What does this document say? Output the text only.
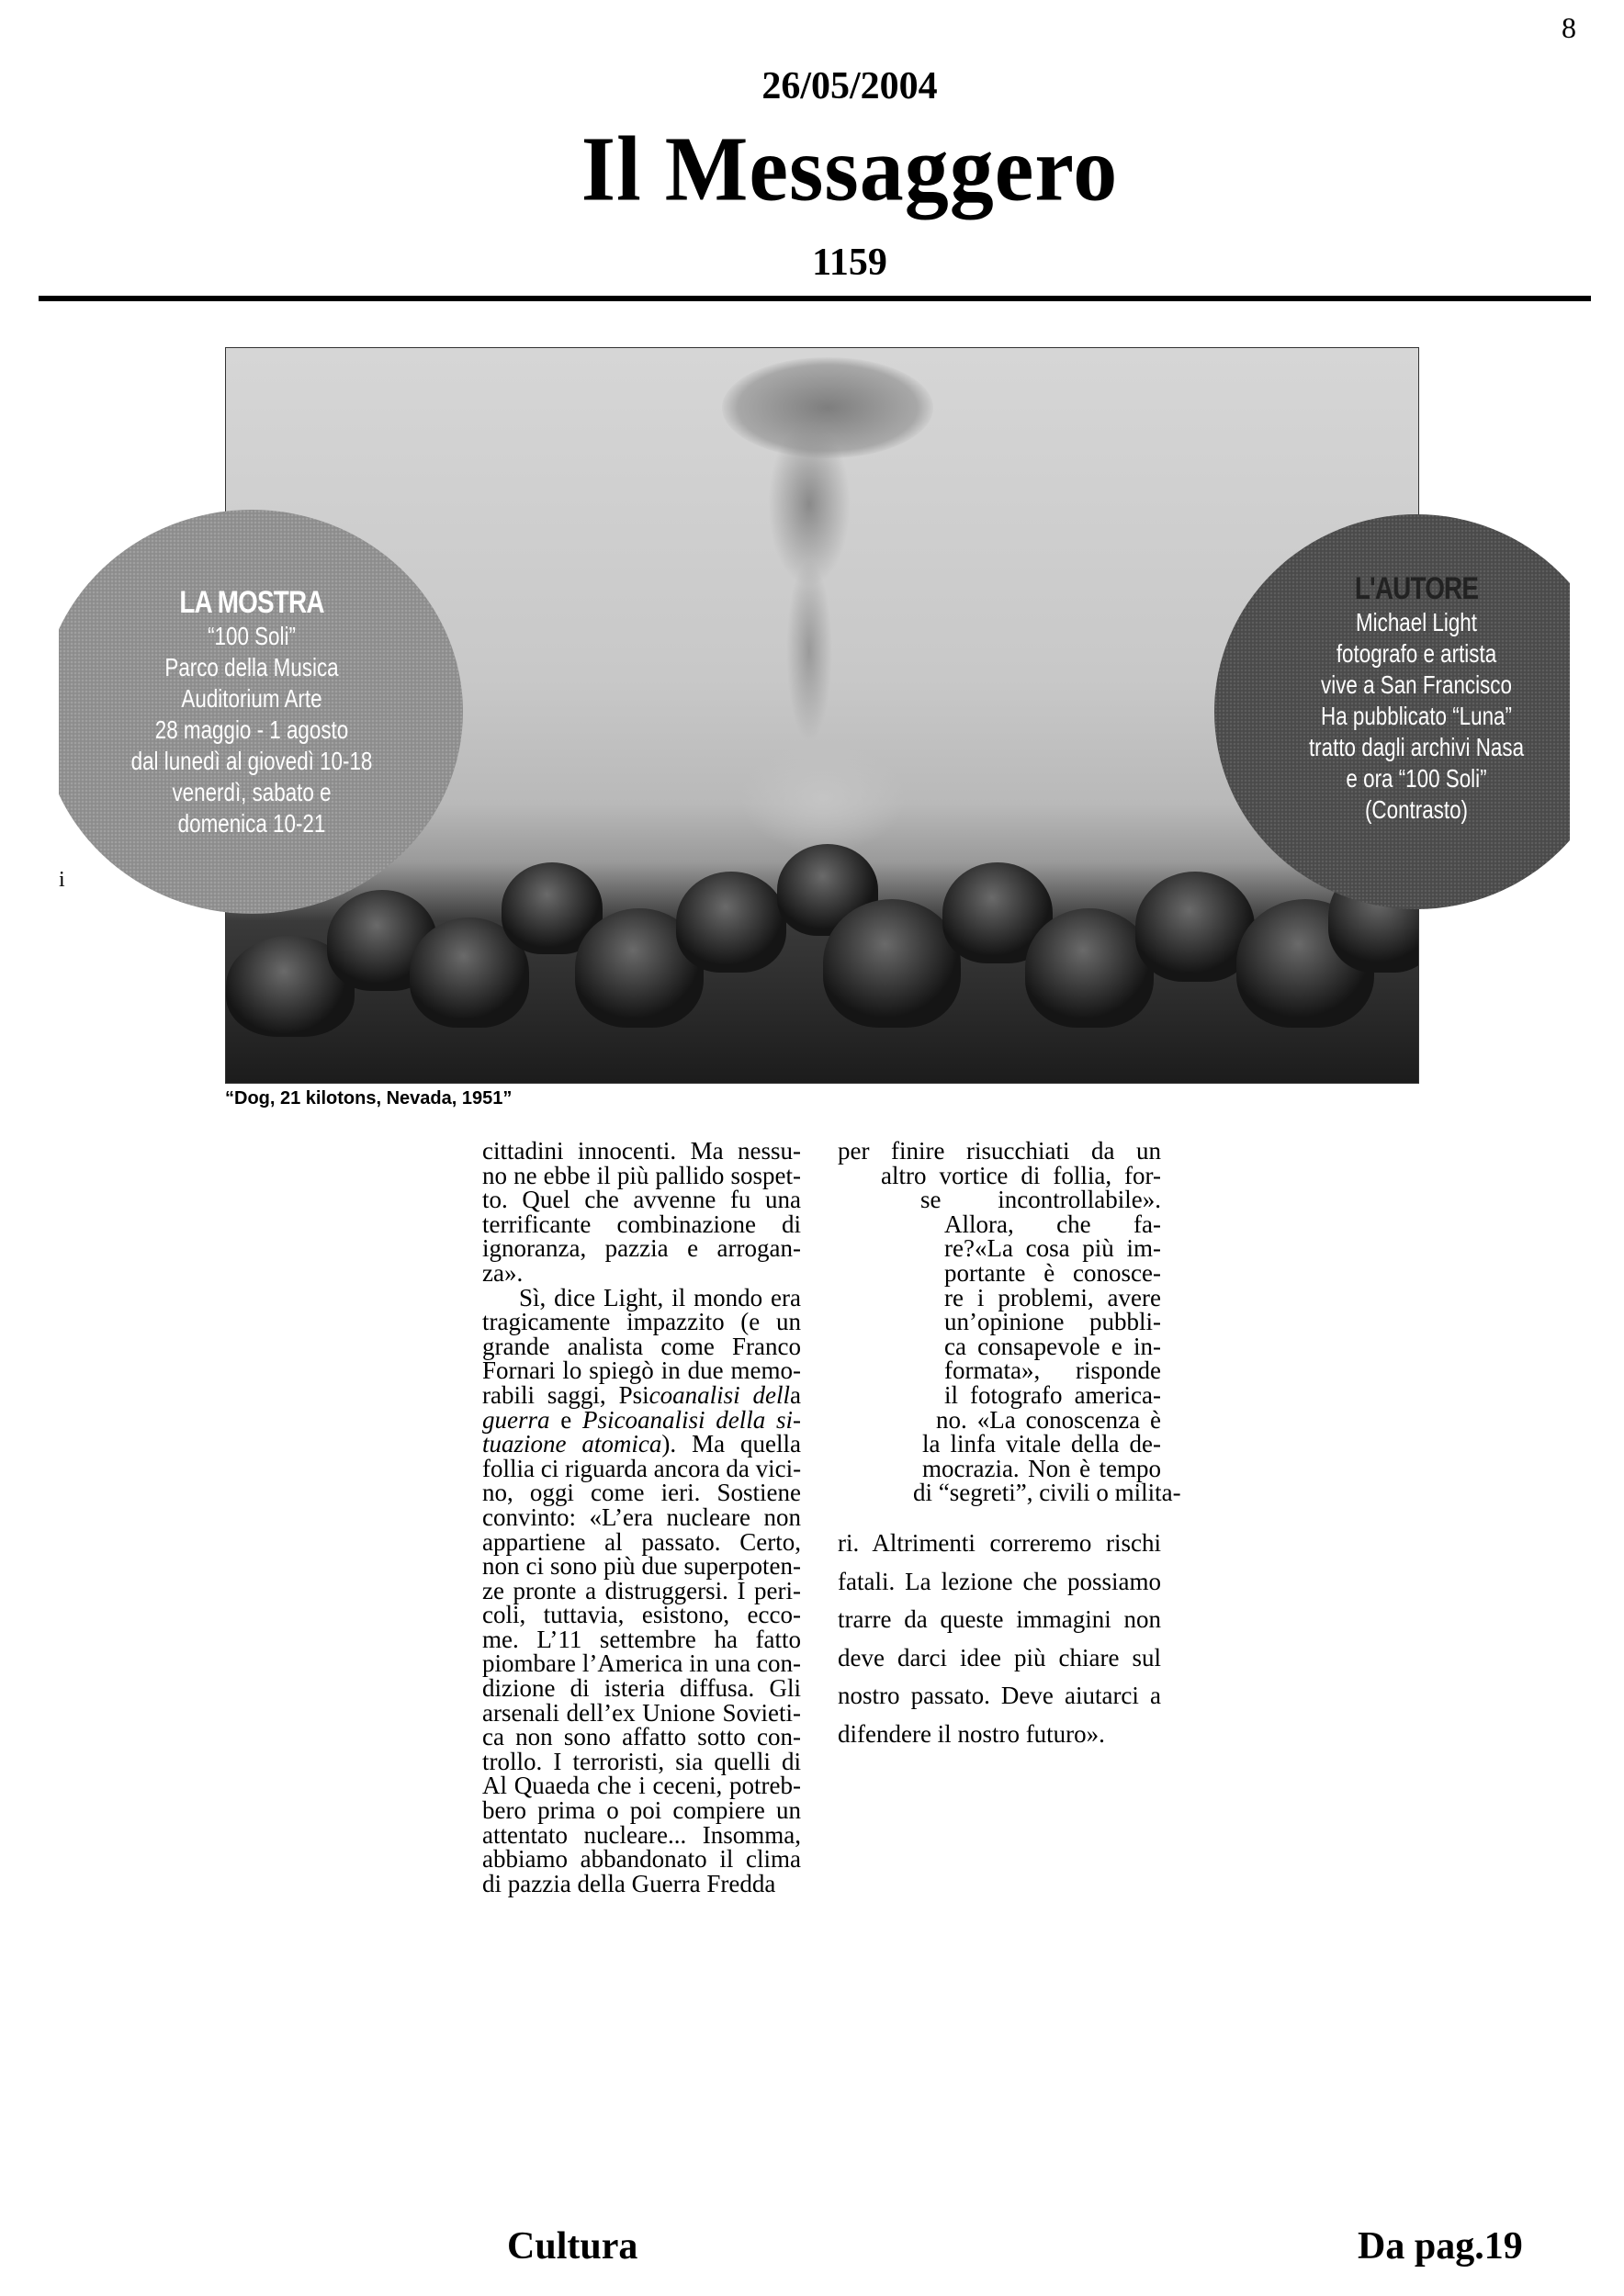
8
26/05/2004
Il Messaggero
1159
LA MOSTRA
“100 Soli”
Parco della Musica
Auditorium Arte
28 maggio - 1 agosto
dal lunedì al giovedì 10-18
venerdì, sabato e
domenica 10-21
i
L'AUTORE
Michael Light
fotografo e artista
vive a San Francisco
Ha pubblicato “Luna”
tratto dagli archivi Nasa
e ora “100 Soli”
(Contrasto)
“Dog, 21 kilotons, Nevada, 1951”
cittadini innocenti. Ma nessu-
no ne ebbe il più pallido sospet-
to. Quel che avvenne fu una
terrificante combinazione di
ignoranza, pazzia e arrogan-
za».
Sì, dice Light, il mondo era
tragicamente impazzito (e un
grande analista come Franco
Fornari lo spiegò in due memo-
rabili saggi, Psicoanalisi della
guerra e Psicoanalisi della si-
tuazione atomica). Ma quella
follia ci riguarda ancora da vici-
no, oggi come ieri. Sostiene
convinto: «L’era nucleare non
appartiene al passato. Certo,
non ci sono più due superpoten-
ze pronte a distruggersi. I peri-
coli, tuttavia, esistono, ecco-
me. L’11 settembre ha fatto
piombare l’America in una con-
dizione di isteria diffusa. Gli
arsenali dell’ex Unione Sovieti-
ca non sono affatto sotto con-
trollo. I terroristi, sia quelli di
Al Quaeda che i ceceni, potreb-
bero prima o poi compiere un
attentato nucleare... Insomma,
abbiamo abbandonato il clima
di pazzia della Guerra Fredda
per finire risucchiati da un
altro vortice di follia, for-
se incontrollabile».
Allora, che fa-
re?«La cosa più im-
portante è conosce-
re i problemi, avere
un’opinione pubbli-
ca consapevole e in-
formata», risponde
il fotografo america-
no. «La conoscenza è
la linfa vitale della de-
mocrazia. Non è tempo
di “segreti”, civili o milita-
ri. Altrimenti correremo rischi
fatali. La lezione che possiamo
trarre da queste immagini non
deve darci idee più chiare sul
nostro passato. Deve aiutarci a
difendere il nostro futuro».
Cultura	Da pag.19
